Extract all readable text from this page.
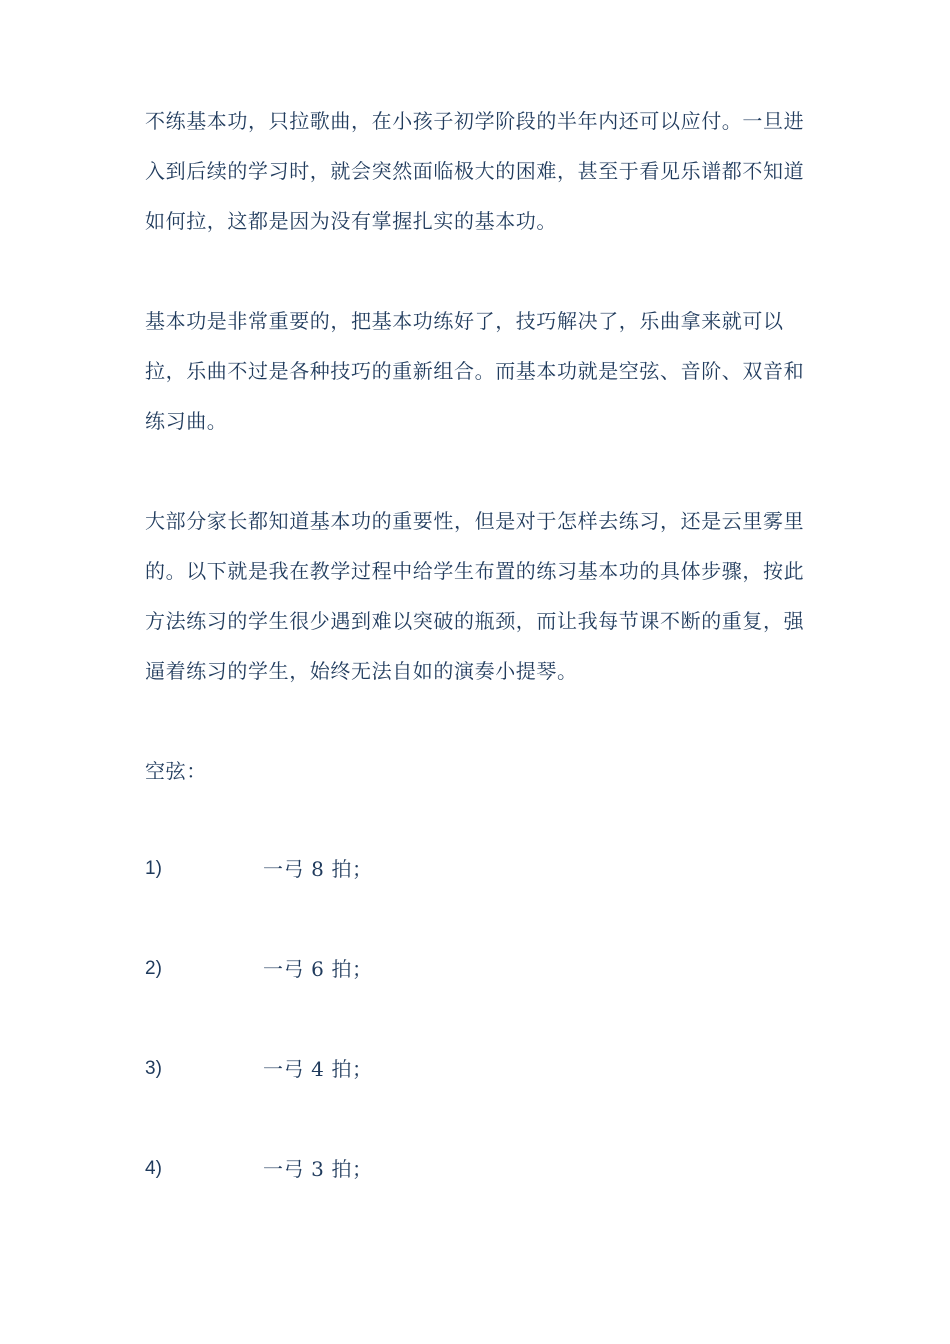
不练基本功，只拉歌曲，在小孩子初学阶段的半年内还可以应付。一旦进入到后续的学习时，就会突然面临极大的困难，甚至于看见乐谱都不知道如何拉，这都是因为没有掌握扎实的基本功。

基本功是非常重要的，把基本功练好了，技巧解决了，乐曲拿来就可以拉，乐曲不过是各种技巧的重新组合。而基本功就是空弦、音阶、双音和练习曲。

大部分家长都知道基本功的重要性，但是对于怎样去练习，还是云里雾里的。以下就是我在教学过程中给学生布置的练习基本功的具体步骤，按此方法练习的学生很少遇到难以突破的瓶颈，而让我每节课不断的重复，强逼着练习的学生，始终无法自如的演奏小提琴。

空弦：

1)	一弓 8 拍；
2)	一弓 6 拍；
3)	一弓 4 拍；
4)	一弓 3 拍；
